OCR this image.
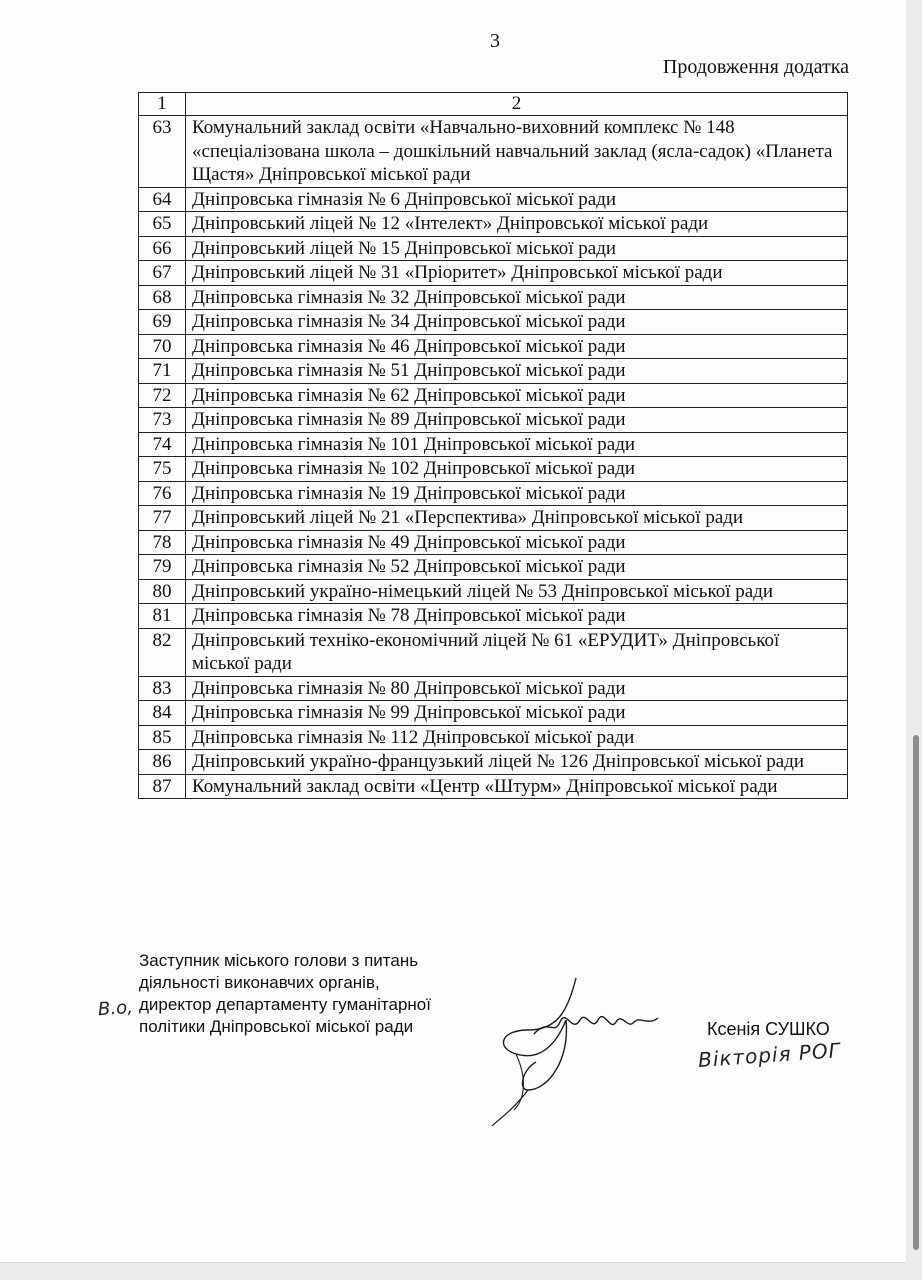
3
Продовження додатка
1	2
63	Комунальний заклад освіти «Навчально-виховний комплекс № 148 «спеціалізована школа – дошкільний навчальний заклад (ясла-садок) «Планета Щастя» Дніпровської міської ради
64	Дніпровська гімназія № 6 Дніпровської міської ради
65	Дніпровський ліцей № 12 «Інтелект» Дніпровської міської ради
66	Дніпровський ліцей № 15 Дніпровської міської ради
67	Дніпровський ліцей № 31 «Пріоритет» Дніпровської міської ради
68	Дніпровська гімназія № 32 Дніпровської міської ради
69	Дніпровська гімназія № 34 Дніпровської міської ради
70	Дніпровська гімназія № 46 Дніпровської міської ради
71	Дніпровська гімназія № 51 Дніпровської міської ради
72	Дніпровська гімназія № 62 Дніпровської міської ради
73	Дніпровська гімназія № 89 Дніпровської міської ради
74	Дніпровська гімназія № 101 Дніпровської міської ради
75	Дніпровська гімназія № 102 Дніпровської міської ради
76	Дніпровська гімназія № 19 Дніпровської міської ради
77	Дніпровський ліцей № 21 «Перспектива» Дніпровської міської ради
78	Дніпровська гімназія № 49 Дніпровської міської ради
79	Дніпровська гімназія № 52 Дніпровської міської ради
80	Дніпровський україно-німецький ліцей № 53 Дніпровської міської ради
81	Дніпровська гімназія № 78 Дніпровської міської ради
82	Дніпровський техніко-економічний ліцей № 61 «ЕРУДИТ» Дніпровської міської ради
83	Дніпровська гімназія № 80 Дніпровської міської ради
84	Дніпровська гімназія № 99 Дніпровської міської ради
85	Дніпровська гімназія № 112 Дніпровської міської ради
86	Дніпровський україно-французький ліцей № 126 Дніпровської міської ради
87	Комунальний заклад освіти «Центр «Штурм» Дніпровської міської ради
Заступник міського голови з питань
діяльності виконавчих органів,
директор департаменту гуманітарної
політики Дніпровської міської ради
В.о,
Ксенія СУШКО
Вікторія РОГ
